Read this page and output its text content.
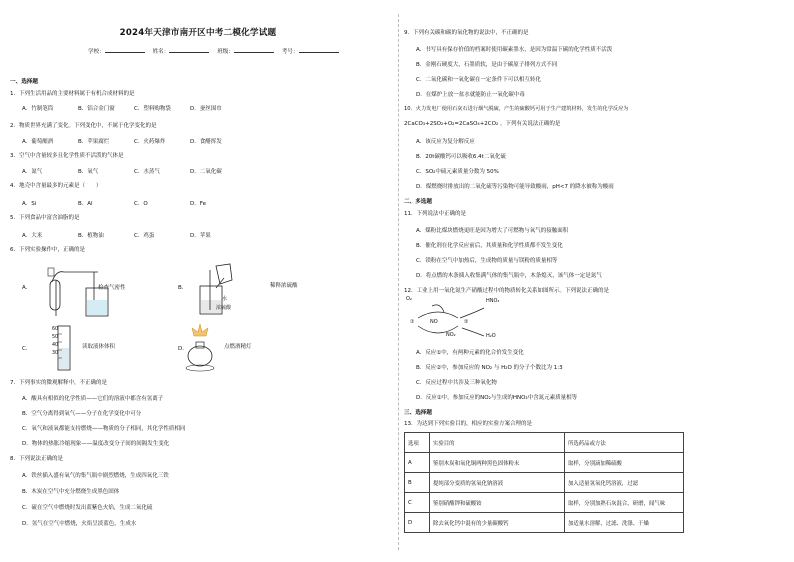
2024年天津市南开区中考二模化学试题
学校：	姓名：	班级：	考号：
一、选择题
1．下列生活用品的主要材料属于有机合成材料的是
A．竹制笔筒	B．铝合金门窗	C．塑料购物袋	D．蚕丝围巾
2．物质世界充满了变化。下列变化中，不属于化学变化的是
A．葡萄酿酒	B．苹果腐烂	C．火药爆炸	D．食醋挥发
3．空气中含量较多且化学性质不活泼的气体是
A．氮气	B．氧气	C．水蒸气	D．二氧化碳
4．地壳中含量最多的元素是（　　）
A．Si	B．Al	C．O	D．Fe
5．下列食品中富含油脂的是
A．大米	B．植物油	C．鸡蛋	D．苹果
6．下列实验操作中，正确的是
A．	检查气密性	B．	稀释浓硫酸
水
浓硫酸
C．
60
50
40
30
读取液体体积	D．	点燃酒精灯
7．下列事实的微观解释中，不正确的是
A．酸具有相似的化学性质——它们的溶液中都含有氢离子
B．空气分离得到氧气——分子在化学变化中可分
C．氧气和液氧都能支持燃烧——物质的分子相同，其化学性质相同
D．物体的热胀冷缩现象——温度改变分子间的间隔发生变化
8．下列说法正确的是
A．铁丝插入盛有氧气的集气瓶中剧烈燃烧，生成四氧化三铁
B．木炭在空气中充分燃烧生成黑色固体
C．硫在空气中燃烧时发出蓝紫色火焰，生成二氧化硫
D．氢气在空气中燃烧，火焰呈淡蓝色，生成水
9．下列有关碳和碳的氧化物的说法中，不正确的是
A．书写具有保存价值的档案时使用碳素墨水，是因为常温下碳的化学性质不活泼
B．金刚石硬度大，石墨质软，是由于碳原子排列方式不同
C．二氧化碳和一氧化碳在一定条件下可以相互转化
D．在煤炉上放一盆水就能防止一氧化碳中毒
10．火力发电厂使用石灰石进行烟气脱硫，产生的硫酸钙可用于生产建筑材料，发生的化学反应为
2CaCO₃+2SO₂+O₂=2CaSO₄+2CO₂ 。下列有关说法正确的是
A．该反应为复分解反应
B．20t碳酸钙可以吸收6.4t二氧化硫
C．SO₂中硫元素质量分数为 50%
D．煤燃烧时排放出的二氧化硫等污染物可能导致酸雨，pH<7 的降水被称为酸雨
二、多选题
11．下列说法中正确的是
A．煤粉比煤块燃烧更旺是因为增大了可燃物与氧气的接触面积
B．催化剂在化学反应前后，其质量和化学性质都不发生变化
C．镁粉在空气中加热后，生成物的质量与镁粉的质量相等
D．将点燃的木条插入收集满气体的集气瓶中，木条熄灭，该气体一定是氮气
12．工业上用一氧化氮生产硝酸过程中的物质转化关系如图所示。下列说法正确的是
O₂
NO
HNO₃
NO₂	H₂O
①	②
A．反应①中，有两种元素的化合价发生变化
B．反应②中，参加反应的 NO₂ 与 H₂O 的分子个数比为 1:3
C．反应过程中共涉及三种氧化物
D．反应②中，参加反应的NO₂与生成的HNO₃中含氮元素质量相等
三、选择题
13．为达到下列实验目的，相应的实验方案合理的是
选项	实验目的	所选药品或方法
A	鉴别木炭和氧化铜两种黑色固体粉末	取样，分别滴加稀硫酸
B	提纯部分变质的氢氧化钠溶液	加入适量氢氧化钙溶液，过滤
C	鉴别硝酸钾和硫酸铵	取样，分别加熟石灰混合、研磨，闻气味
D	除去氧化钙中混有的少量碳酸钙	加适量水溶解，过滤、洗涤、干燥
